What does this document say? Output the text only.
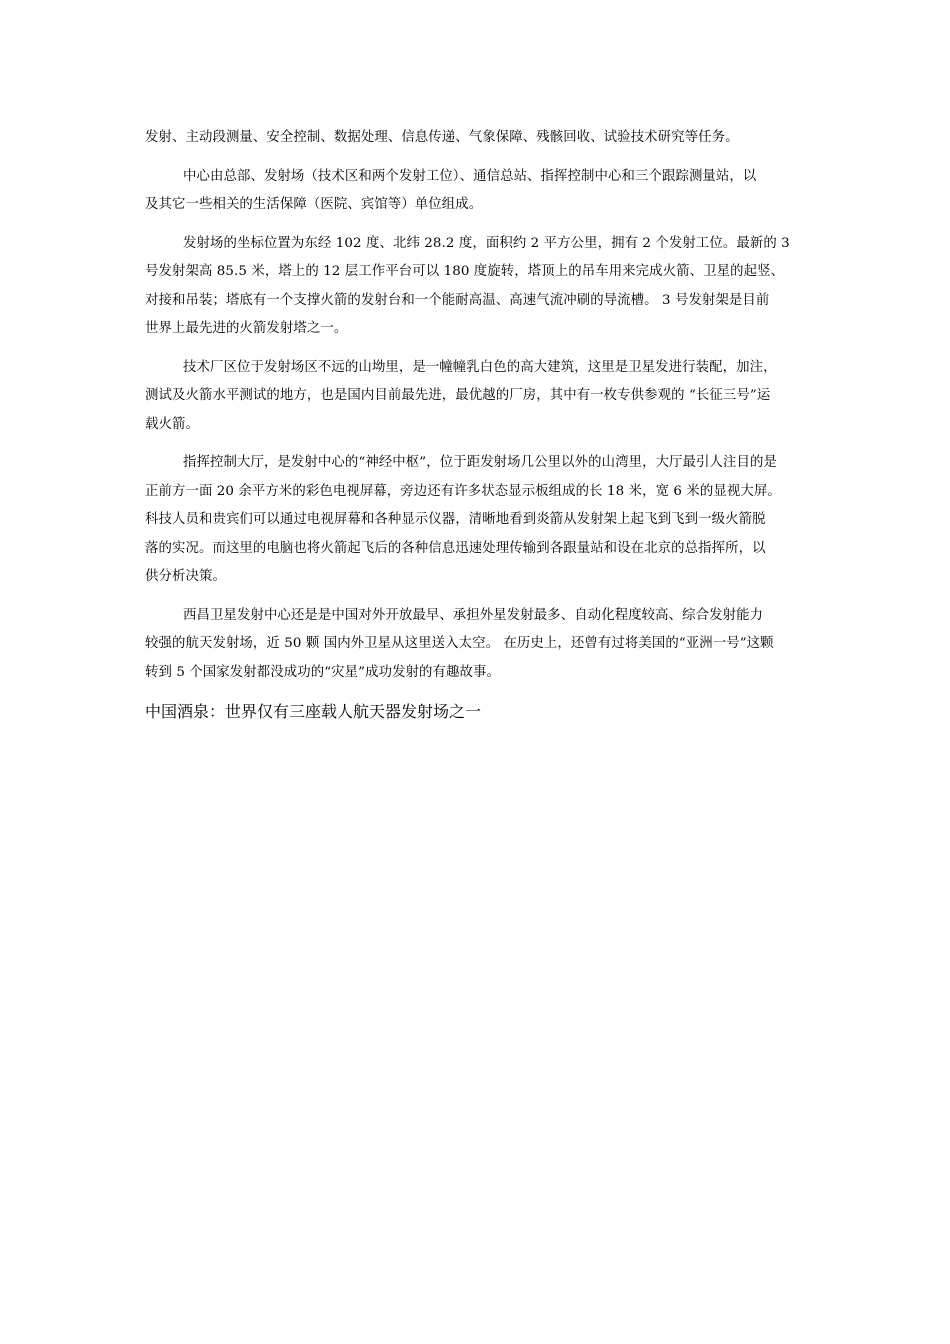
发射、主动段测量、安全控制、数据处理、信息传递、气象保障、残骸回收、试验技术研究等任务。

中心由总部、发射场（技术区和两个发射工位）、通信总站、指挥控制中心和三个跟踪测量站，以
及其它一些相关的生活保障（医院、宾馆等）单位组成。

发射场的坐标位置为东经 102 度、北纬 28.2 度，面积约 2 平方公里，拥有 2 个发射工位。最新的 3
号发射架高 85.5 米，塔上的 12 层工作平台可以 180 度旋转，塔顶上的吊车用来完成火箭、卫星的起竖、
对接和吊装；塔底有一个支撑火箭的发射台和一个能耐高温、高速气流冲刷的导流槽。 3 号发射架是目前
世界上最先进的火箭发射塔之一。

技术厂区位于发射场区不远的山坳里，是一幢幢乳白色的高大建筑，这里是卫星发进行装配，加注，
测试及火箭水平测试的地方，也是国内目前最先进，最优越的厂房，其中有一枚专供参观的 “长征三号”运
载火箭。

指挥控制大厅，是发射中心的“神经中枢”，位于距发射场几公里以外的山湾里，大厅最引人注目的是
正前方一面 20 余平方米的彩色电视屏幕，旁边还有许多状态显示板组成的长 18 米，宽 6 米的显视大屏。
科技人员和贵宾们可以通过电视屏幕和各种显示仪器，清晰地看到炎箭从发射架上起飞到飞到一级火箭脱
落的实况。而这里的电脑也将火箭起飞后的各种信息迅速处理传输到各跟量站和设在北京的总指挥所，以
供分析决策。

西昌卫星发射中心还是是中国对外开放最早、承担外星发射最多、自动化程度较高、综合发射能力
较强的航天发射场，近 50 颗 国内外卫星从这里送入太空。 在历史上，还曾有过将美国的“亚洲一号”这颗
转到 5 个国家发射都没成功的“灾星”成功发射的有趣故事。

中国酒泉：世界仅有三座载人航天器发射场之一
